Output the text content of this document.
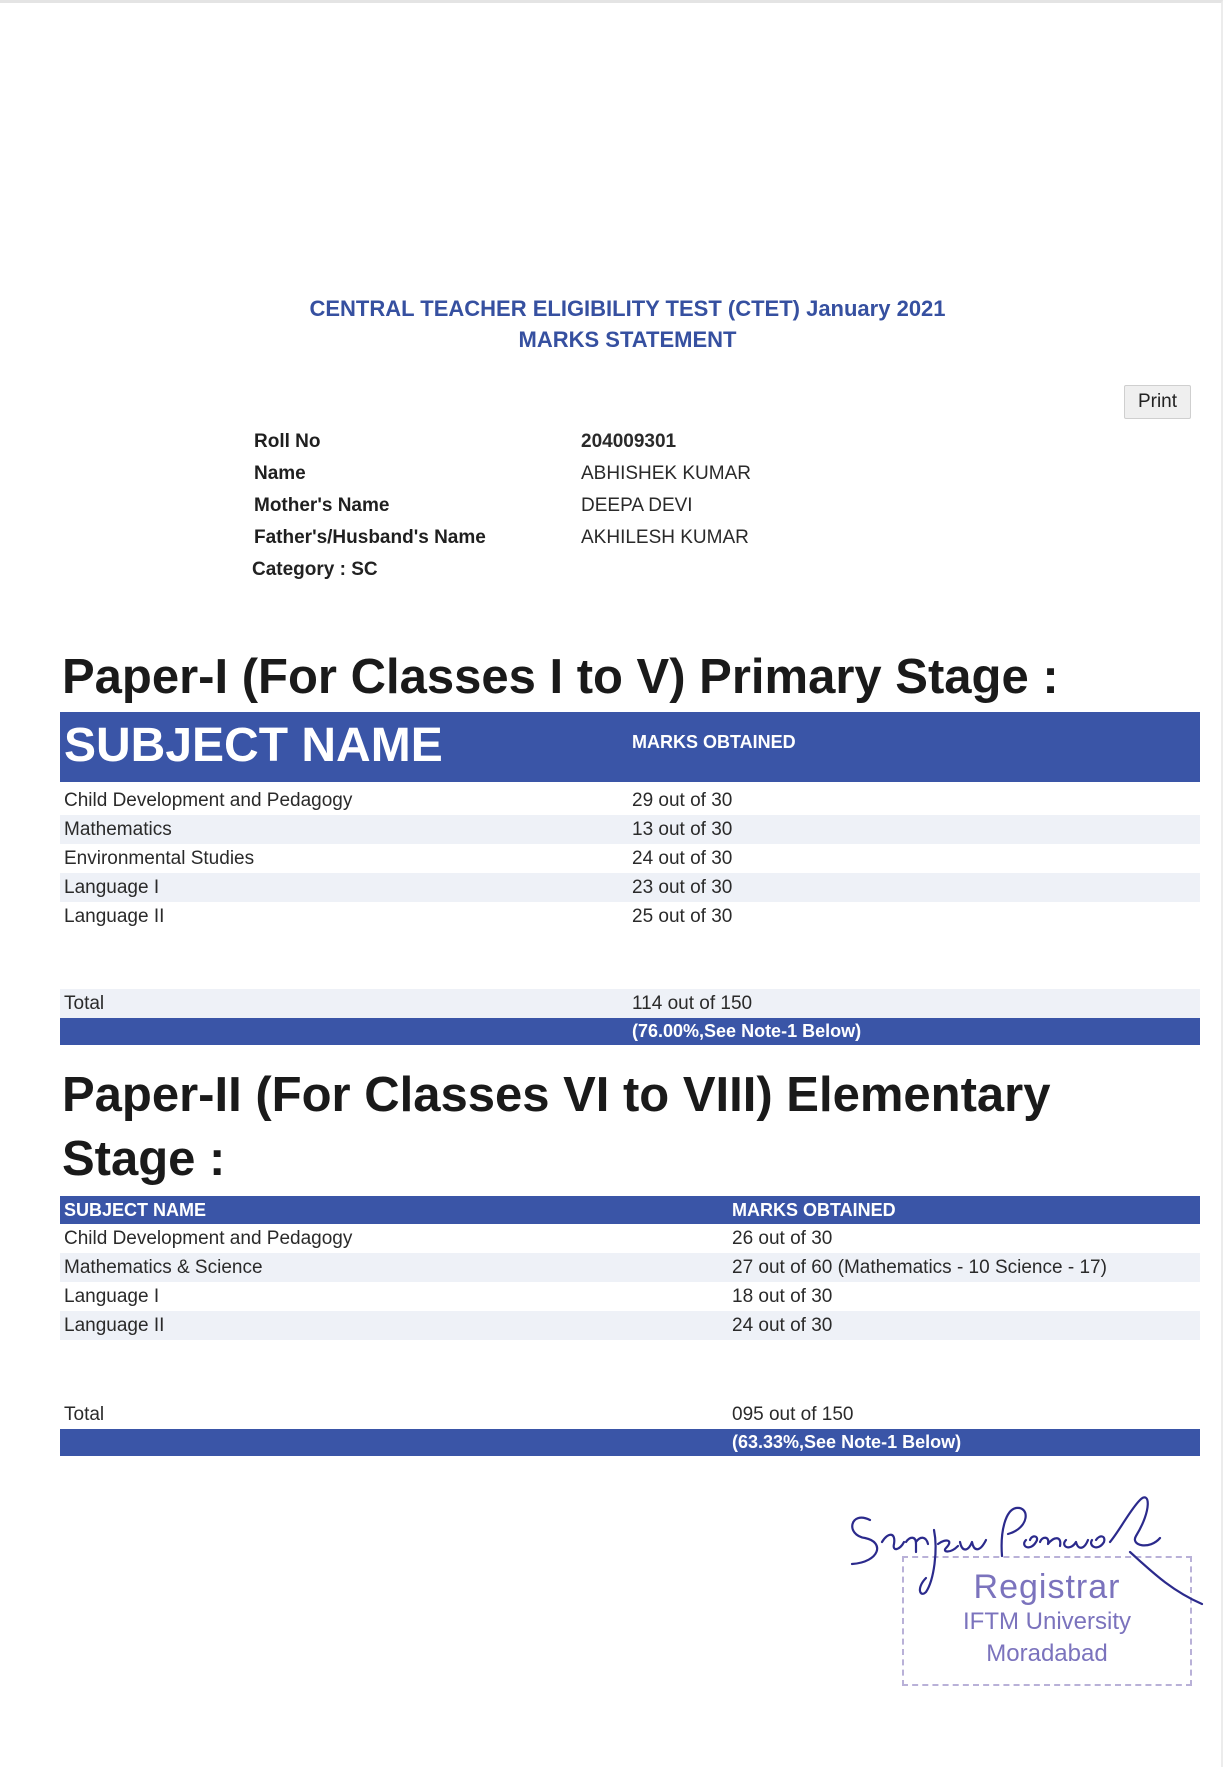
CENTRAL TEACHER ELIGIBILITY TEST (CTET) January 2021
MARKS STATEMENT
Print
Roll No	204009301
Name	ABHISHEK KUMAR
Mother's Name	DEEPA DEVI
Father's/Husband's Name	AKHILESH KUMAR
Category : SC
Paper-I (For Classes I to V) Primary Stage :
SUBJECT NAME	MARKS OBTAINED
Child Development and Pedagogy	29 out of 30
Mathematics	13 out of 30
Environmental Studies	24 out of 30
Language I	23 out of 30
Language II	25 out of 30
Total	114 out of 150
(76.00%,See Note-1 Below)
Paper-II (For Classes VI to VIII) Elementary
Stage :
SUBJECT NAME	MARKS OBTAINED
Child Development and Pedagogy	26 out of 30
Mathematics & Science	27 out of 60 (Mathematics - 10 Science - 17)
Language I	18 out of 30
Language II	24 out of 30
Total	095 out of 150
(63.33%,See Note-1 Below)
Registrar
IFTM University
Moradabad
